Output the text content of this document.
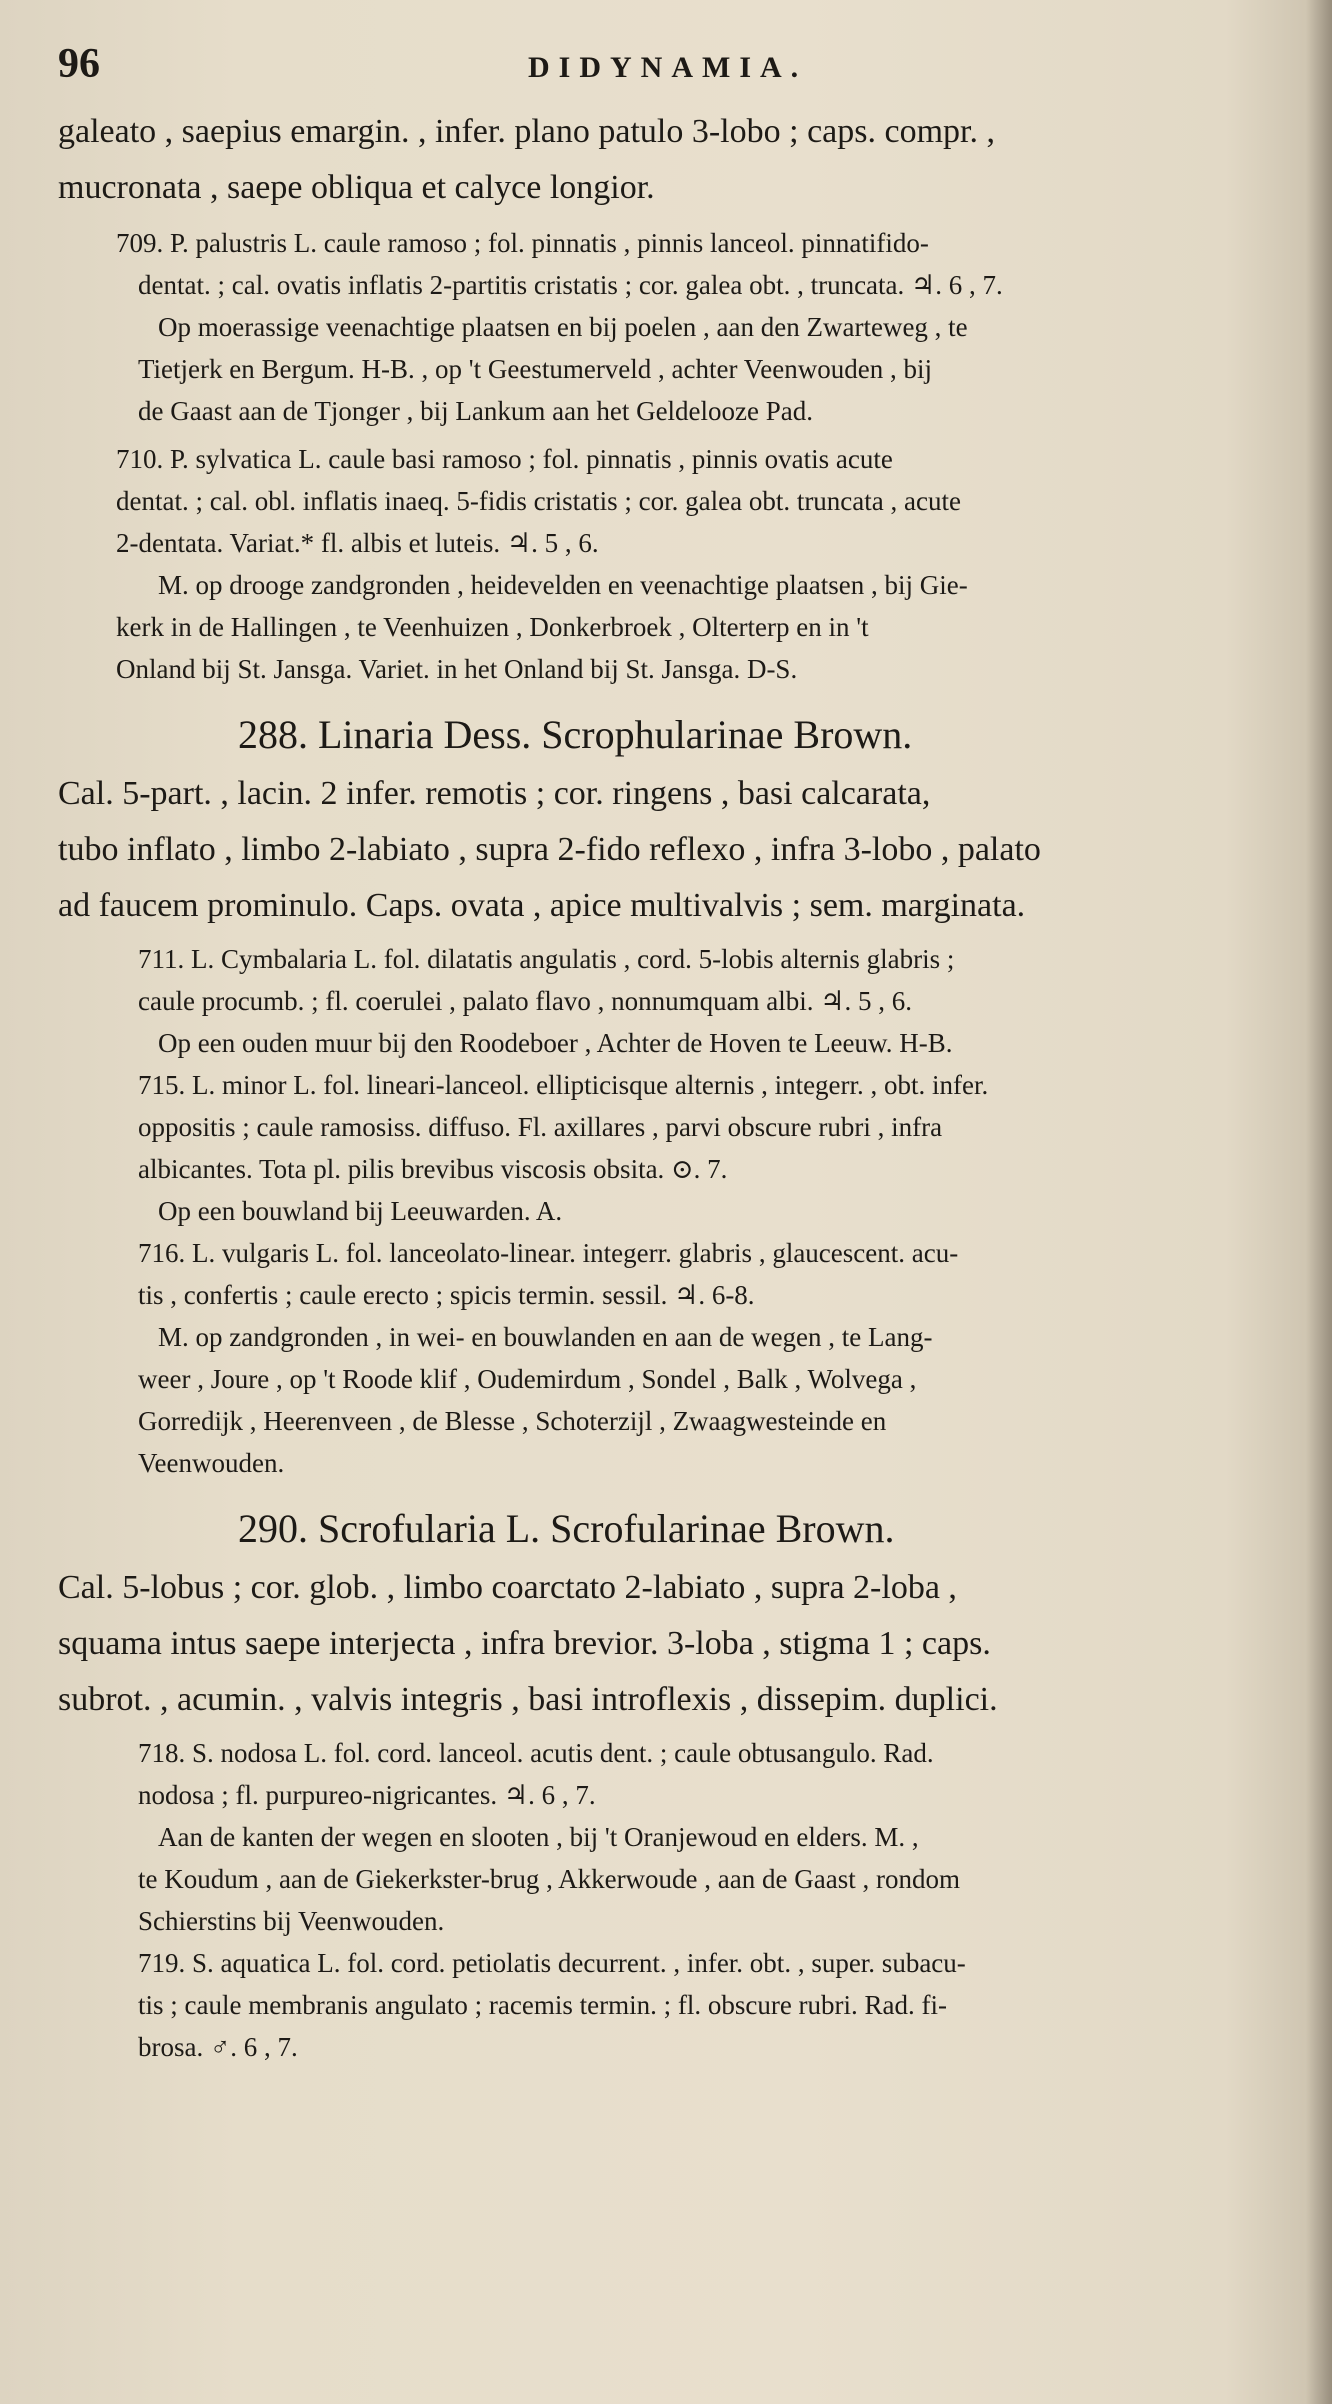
96	DIDYNAMIA.
galeato , saepius emargin. , infer. plano patulo 3-lobo ; caps. compr. ,
mucronata , saepe obliqua et calyce longior.
709. P. palustris L. caule ramoso ; fol. pinnatis , pinnis lanceol. pinnatifido-
dentat. ; cal. ovatis inflatis 2-partitis cristatis ; cor. galea obt. , truncata. ♃. 6 , 7.
Op moerassige veenachtige plaatsen en bij poelen , aan den Zwarteweg , te
Tietjerk en Bergum. H-B. , op 't Geestumerveld , achter Veenwouden , bij
de Gaast aan de Tjonger , bij Lankum aan het Geldelooze Pad.
710. P. sylvatica L. caule basi ramoso ; fol. pinnatis , pinnis ovatis acute
dentat. ; cal. obl. inflatis inaeq. 5-fidis cristatis ; cor. galea obt. truncata , acute
2-dentata. Variat.* fl. albis et luteis. ♃. 5 , 6.
M. op drooge zandgronden , heidevelden en veenachtige plaatsen , bij Gie-
kerk in de Hallingen , te Veenhuizen , Donkerbroek , Olterterp en in 't
Onland bij St. Jansga. Variet. in het Onland bij St. Jansga. D-S.
288. Linaria Dess. Scrophularinae Brown.
Cal. 5-part. , lacin. 2 infer. remotis ; cor. ringens , basi calcarata,
tubo inflato , limbo 2-labiato , supra 2-fido reflexo , infra 3-lobo , palato
ad faucem prominulo. Caps. ovata , apice multivalvis ; sem. marginata.
711. L. Cymbalaria L. fol. dilatatis angulatis , cord. 5-lobis alternis glabris ;
caule procumb. ; fl. coerulei , palato flavo , nonnumquam albi. ♃. 5 , 6.
Op een ouden muur bij den Roodeboer , Achter de Hoven te Leeuw. H-B.
715. L. minor L. fol. lineari-lanceol. ellipticisque alternis , integerr. , obt. infer.
oppositis ; caule ramosiss. diffuso. Fl. axillares , parvi obscure rubri , infra
albicantes. Tota pl. pilis brevibus viscosis obsita. ⊙. 7.
Op een bouwland bij Leeuwarden. A.
716. L. vulgaris L. fol. lanceolato-linear. integerr. glabris , glaucescent. acu-
tis , confertis ; caule erecto ; spicis termin. sessil. ♃. 6-8.
M. op zandgronden , in wei- en bouwlanden en aan de wegen , te Lang-
weer , Joure , op 't Roode klif , Oudemirdum , Sondel , Balk , Wolvega ,
Gorredijk , Heerenveen , de Blesse , Schoterzijl , Zwaagwesteinde en
Veenwouden.
290. Scrofularia L. Scrofularinae Brown.
Cal. 5-lobus ; cor. glob. , limbo coarctato 2-labiato , supra 2-loba ,
squama intus saepe interjecta , infra brevior. 3-loba , stigma 1 ; caps.
subrot. , acumin. , valvis integris , basi introflexis , dissepim. duplici.
718. S. nodosa L. fol. cord. lanceol. acutis dent. ; caule obtusangulo. Rad.
nodosa ; fl. purpureo-nigricantes. ♃. 6 , 7.
Aan de kanten der wegen en slooten , bij 't Oranjewoud en elders. M. ,
te Koudum , aan de Giekerkster-brug , Akkerwoude , aan de Gaast , rondom
Schierstins bij Veenwouden.
719. S. aquatica L. fol. cord. petiolatis decurrent. , infer. obt. , super. subacu-
tis ; caule membranis angulato ; racemis termin. ; fl. obscure rubri. Rad. fi-
brosa. ♂. 6 , 7.
